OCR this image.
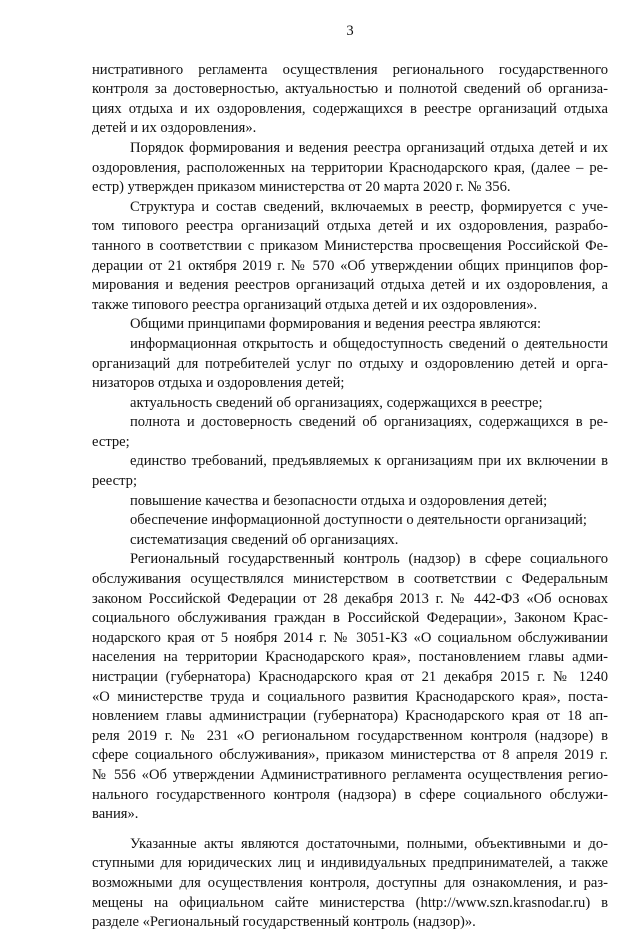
3
нистративного регламента осуществления регионального государственного
контроля за достоверностью, актуальностью и полнотой сведений об организа-
циях отдыха и их оздоровления, содержащихся в реестре организаций отдыха
детей и их оздоровления».
Порядок формирования и ведения реестра организаций отдыха детей и их
оздоровления, расположенных на территории Краснодарского края, (далее – ре-
естр) утвержден приказом министерства от 20 марта 2020 г. № 356.
Структура и состав сведений, включаемых в реестр, формируется с уче-
том типового реестра организаций отдыха детей и их оздоровления, разрабо-
танного в соответствии с приказом Министерства просвещения Российской Фе-
дерации от 21 октября 2019 г. № 570 «Об утверждении общих принципов фор-
мирования и ведения реестров организаций отдыха детей и их оздоровления, а
также типового реестра организаций отдыха детей и их оздоровления».
Общими принципами формирования и ведения реестра являются:
информационная открытость и общедоступность сведений о деятельности
организаций для потребителей услуг по отдыху и оздоровлению детей и орга-
низаторов отдыха и оздоровления детей;
актуальность сведений об организациях, содержащихся в реестре;
полнота и достоверность сведений об организациях, содержащихся в ре-
естре;
единство требований, предъявляемых к организациям при их включении в
реестр;
повышение качества и безопасности отдыха и оздоровления детей;
обеспечение информационной доступности о деятельности организаций;
систематизация сведений об организациях.
Региональный государственный контроль (надзор) в сфере социального
обслуживания осуществлялся министерством в соответствии с Федеральным
законом Российской Федерации от 28 декабря 2013 г. № 442-ФЗ «Об основах
социального обслуживания граждан в Российской Федерации», Законом Крас-
нодарского края от 5 ноября 2014 г. № 3051-КЗ «О социальном обслуживании
населения на территории Краснодарского края», постановлением главы адми-
нистрации (губернатора) Краснодарского края от 21 декабря 2015 г. № 1240
«О министерстве труда и социального развития Краснодарского края», поста-
новлением главы администрации (губернатора) Краснодарского края от 18 ап-
реля 2019 г. № 231 «О региональном государственном контроля (надзоре) в
сфере социального обслуживания», приказом министерства от 8 апреля 2019 г.
№ 556 «Об утверждении Административного регламента осуществления регио-
нального государственного контроля (надзора) в сфере социального обслужи-
вания».
Указанные акты являются достаточными, полными, объективными и до-
ступными для юридических лиц и индивидуальных предпринимателей, а также
возможными для осуществления контроля, доступны для ознакомления, и раз-
мещены на официальном сайте министерства (http://www.szn.krasnodar.ru) в
разделе «Региональный государственный контроль (надзор)».
